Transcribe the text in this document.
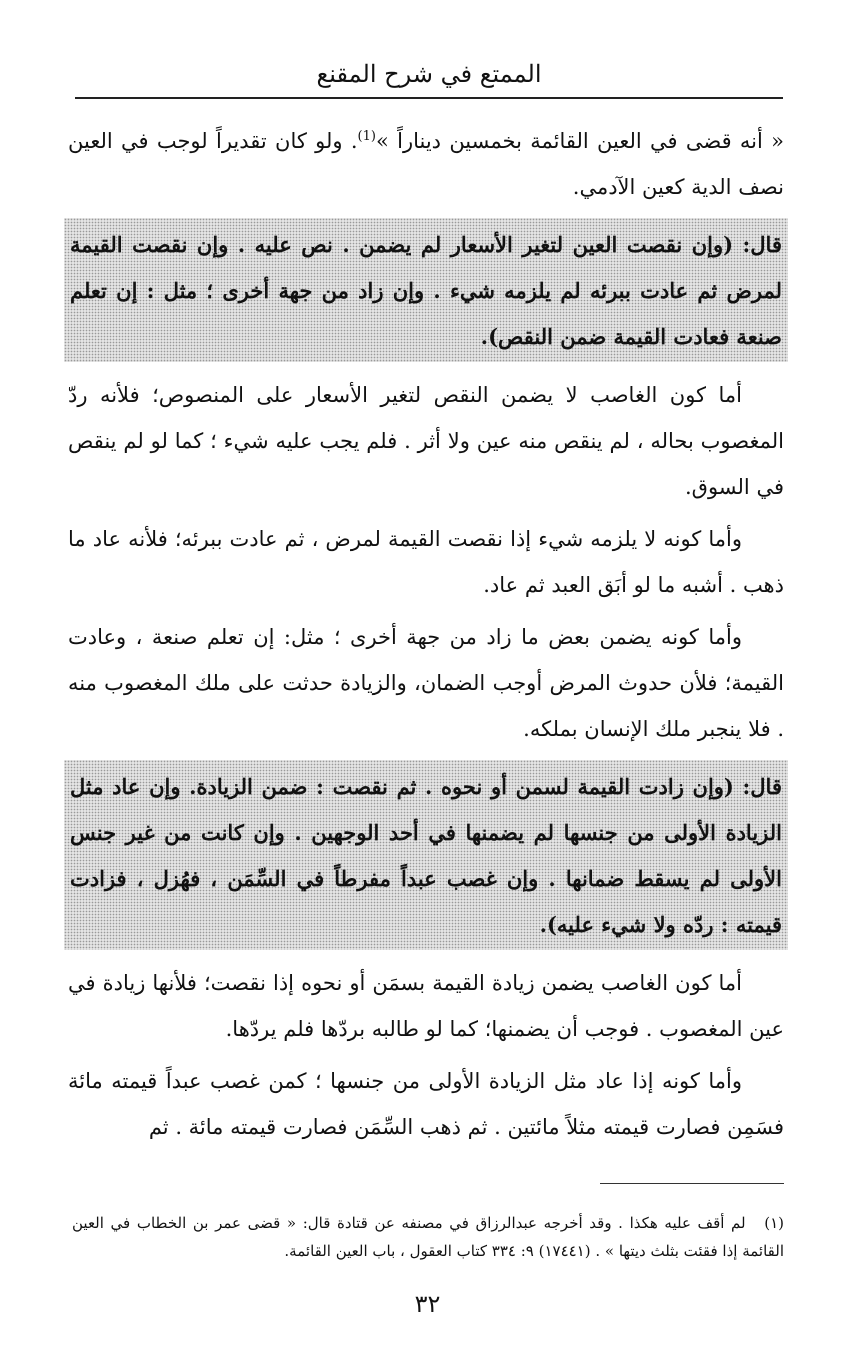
الممتع في شرح المقنع

« أنه قضى في العين القائمة بخمسين ديناراً »$^{(1)}$. ولو كان تقديراً لوجب في العين نصف الدية كعين الآدمي.

قال: (وإن نقصت العين لتغير الأسعار لم يضمن . نص عليه . وإن نقصت القيمة لمرض ثم عادت ببرئه لم يلزمه شيء . وإن زاد من جهة أخرى ؛ مثل : إن تعلم صنعة فعادت القيمة ضمن النقص).

أما كون الغاصب لا يضمن النقص لتغير الأسعار على المنصوص؛ فلأنه ردّ المغصوب بحاله ، لم ينقص منه عين ولا أثر . فلم يجب عليه شيء ؛ كما لو لم ينقص في السوق.

وأما كونه لا يلزمه شيء إذا نقصت القيمة لمرض ، ثم عادت ببرئه؛ فلأنه عاد ما ذهب . أشبه ما لو أبَق العبد ثم عاد.

وأما كونه يضمن بعض ما زاد من جهة أخرى ؛ مثل: إن تعلم صنعة ، وعادت القيمة؛ فلأن حدوث المرض أوجب الضمان، والزيادة حدثت على ملك المغصوب منه . فلا ينجبر ملك الإنسان بملكه.

قال: (وإن زادت القيمة لسمن أو نحوه . ثم نقصت : ضمن الزيادة. وإن عاد مثل الزيادة الأولى من جنسها لم يضمنها في أحد الوجهين . وإن كانت من غير جنس الأولى لم يسقط ضمانها . وإن غصب عبداً مفرطاً في السِّمَن ، فهُزل ، فزادت قيمته : ردّه ولا شيء عليه).

أما كون الغاصب يضمن زيادة القيمة بسمَن أو نحوه إذا نقصت؛ فلأنها زيادة في عين المغصوب . فوجب أن يضمنها؛ كما لو طالبه بردّها فلم يردّها.

وأما كونه إذا عاد مثل الزيادة الأولى من جنسها ؛ كمن غصب عبداً قيمته مائة فسَمِن فصارت قيمته مثلاً مائتين . ثم ذهب السِّمَن فصارت قيمته مائة . ثم

(١) لم أقف عليه هكذا . وقد أخرجه عبدالرزاق في مصنفه عن قتادة قال: « قضى عمر بن الخطاب في العين القائمة إذا فقئت بثلث ديتها » . (١٧٤٤١) ٩: ٣٣٤ كتاب العقول ، باب العين القائمة.
٣٢
